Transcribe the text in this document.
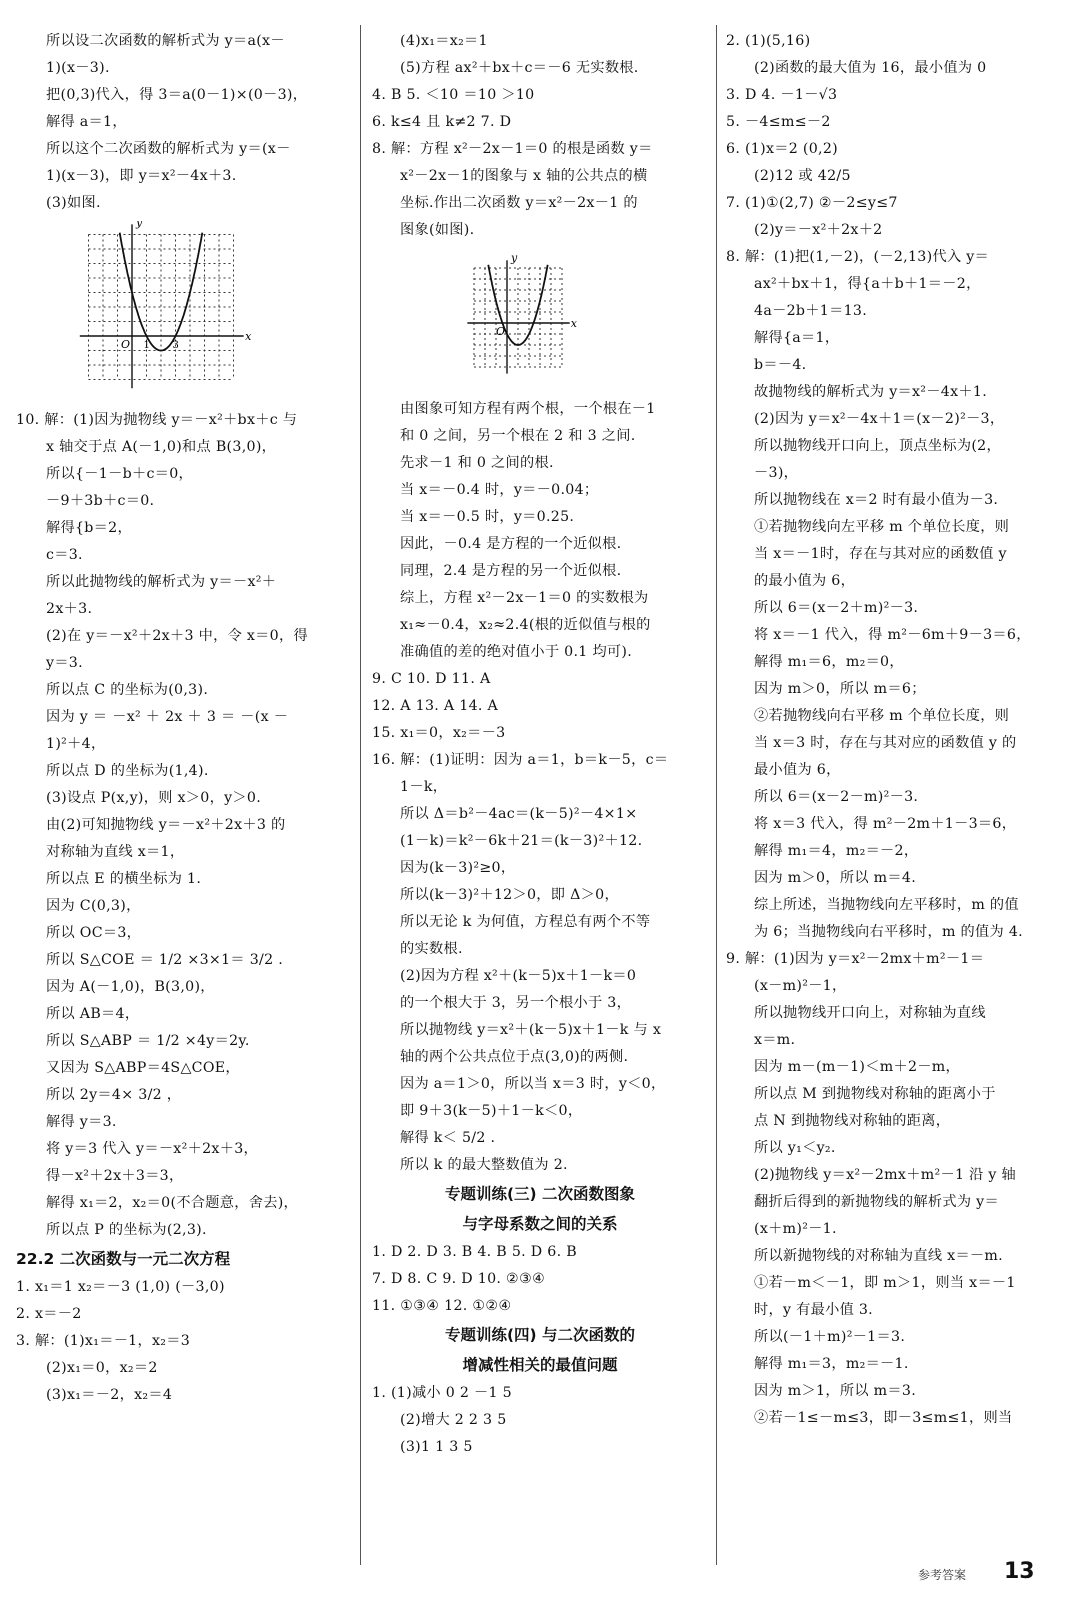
所以设二次函数的解析式为 y＝a(x－
1)(x－3).
把(0,3)代入，得 3＝a(0－1)×(0－3)，
解得 a＝1，
所以这个二次函数的解析式为 y＝(x－
1)(x－3)，即 y＝x²－4x＋3.
(3)如图.
x
y
O 1 3
10. 解：(1)因为抛物线 y＝－x²＋bx＋c 与
x 轴交于点 A(－1,0)和点 B(3,0)，
所以{－1－b＋c＝0，
－9＋3b＋c＝0.
解得{b＝2，
c＝3.
所以此抛物线的解析式为 y＝－x²＋
2x＋3.
(2)在 y＝－x²＋2x＋3 中，令 x＝0，得
y＝3.
所以点 C 的坐标为(0,3).
因为 y ＝ －x² ＋ 2x ＋ 3 ＝ －(x －
1)²＋4，
所以点 D 的坐标为(1,4).
(3)设点 P(x,y)，则 x＞0，y＞0.
由(2)可知抛物线 y＝－x²＋2x＋3 的
对称轴为直线 x＝1，
所以点 E 的横坐标为 1.
因为 C(0,3)，
所以 OC＝3，
所以 S△COE ＝ 1/2 ×3×1＝ 3/2 .
因为 A(－1,0)，B(3,0)，
所以 AB＝4，
所以 S△ABP ＝ 1/2 ×4y＝2y.
又因为 S△ABP＝4S△COE，
所以 2y＝4× 3/2 ，
解得 y＝3.
将 y＝3 代入 y＝－x²＋2x＋3，
得－x²＋2x＋3＝3，
解得 x₁＝2，x₂＝0(不合题意，舍去)，
所以点 P 的坐标为(2,3).
22.2 二次函数与一元二次方程
1. x₁＝1 x₂＝－3 (1,0) (－3,0)
2. x＝－2
3. 解：(1)x₁＝－1，x₂＝3
(2)x₁＝0，x₂＝2
(3)x₁＝－2，x₂＝4
(4)x₁＝x₂＝1
(5)方程 ax²＋bx＋c＝－6 无实数根.
4. B 5. ＜10 ＝10 ＞10
6. k≤4 且 k≠2 7. D
8. 解：方程 x²－2x－1＝0 的根是函数 y＝
x²－2x－1的图象与 x 轴的公共点的横
坐标.作出二次函数 y＝x²－2x－1 的
图象(如图).
x
y
O
由图象可知方程有两个根，一个根在－1
和 0 之间，另一个根在 2 和 3 之间.
先求－1 和 0 之间的根.
当 x＝－0.4 时，y＝－0.04；
当 x＝－0.5 时，y＝0.25.
因此，－0.4 是方程的一个近似根.
同理，2.4 是方程的另一个近似根.
综上，方程 x²－2x－1＝0 的实数根为
x₁≈－0.4，x₂≈2.4(根的近似值与根的
准确值的差的绝对值小于 0.1 均可).
9. C 10. D 11. A
12. A 13. A 14. A
15. x₁＝0，x₂＝－3
16. 解：(1)证明：因为 a＝1，b＝k－5，c＝
1－k，
所以 Δ＝b²－4ac＝(k－5)²－4×1×
(1－k)＝k²－6k＋21＝(k－3)²＋12.
因为(k－3)²≥0，
所以(k－3)²＋12＞0，即 Δ＞0，
所以无论 k 为何值，方程总有两个不等
的实数根.
(2)因为方程 x²＋(k－5)x＋1－k＝0
的一个根大于 3，另一个根小于 3，
所以抛物线 y＝x²＋(k－5)x＋1－k 与 x
轴的两个公共点位于点(3,0)的两侧.
因为 a＝1＞0，所以当 x＝3 时，y＜0，
即 9＋3(k－5)＋1－k＜0，
解得 k＜ 5/2 .
所以 k 的最大整数值为 2.
专题训练(三) 二次函数图象
与字母系数之间的关系
1. D 2. D 3. B 4. B 5. D 6. B
7. D 8. C 9. D 10. ②③④
11. ①③④ 12. ①②④
专题训练(四) 与二次函数的
增减性相关的最值问题
1. (1)减小 0 2 －1 5
(2)增大 2 2 3 5
(3)1 1 3 5
2. (1)(5,16)
(2)函数的最大值为 16，最小值为 0
3. D 4. －1－√3
5. －4≤m≤－2
6. (1)x＝2 (0,2)
(2)12 或 42/5
7. (1)①(2,7) ②－2≤y≤7
(2)y＝－x²＋2x＋2
8. 解：(1)把(1,－2)，(－2,13)代入 y＝
ax²＋bx＋1，得{a＋b＋1＝－2，
4a－2b＋1＝13.
解得{a＝1，
b＝－4.
故抛物线的解析式为 y＝x²－4x＋1.
(2)因为 y＝x²－4x＋1＝(x－2)²－3，
所以抛物线开口向上，顶点坐标为(2，
－3)，
所以抛物线在 x＝2 时有最小值为－3.
①若抛物线向左平移 m 个单位长度，则
当 x＝－1时，存在与其对应的函数值 y
的最小值为 6，
所以 6＝(x－2＋m)²－3.
将 x＝－1 代入，得 m²－6m＋9－3＝6，
解得 m₁＝6，m₂＝0，
因为 m＞0，所以 m＝6；
②若抛物线向右平移 m 个单位长度，则
当 x＝3 时，存在与其对应的函数值 y 的
最小值为 6，
所以 6＝(x－2－m)²－3.
将 x＝3 代入，得 m²－2m＋1－3＝6，
解得 m₁＝4，m₂＝－2，
因为 m＞0，所以 m＝4.
综上所述，当抛物线向左平移时，m 的值
为 6；当抛物线向右平移时，m 的值为 4.
9. 解：(1)因为 y＝x²－2mx＋m²－1＝
(x－m)²－1，
所以抛物线开口向上，对称轴为直线
x＝m.
因为 m－(m－1)＜m＋2－m，
所以点 M 到抛物线对称轴的距离小于
点 N 到抛物线对称轴的距离，
所以 y₁＜y₂.
(2)抛物线 y＝x²－2mx＋m²－1 沿 y 轴
翻折后得到的新抛物线的解析式为 y＝
(x＋m)²－1.
所以新抛物线的对称轴为直线 x＝－m.
①若－m＜－1，即 m＞1，则当 x＝－1
时，y 有最小值 3.
所以(－1＋m)²－1＝3.
解得 m₁＝3，m₂＝－1.
因为 m＞1，所以 m＝3.
②若－1≤－m≤3，即－3≤m≤1，则当
参考答案 13
